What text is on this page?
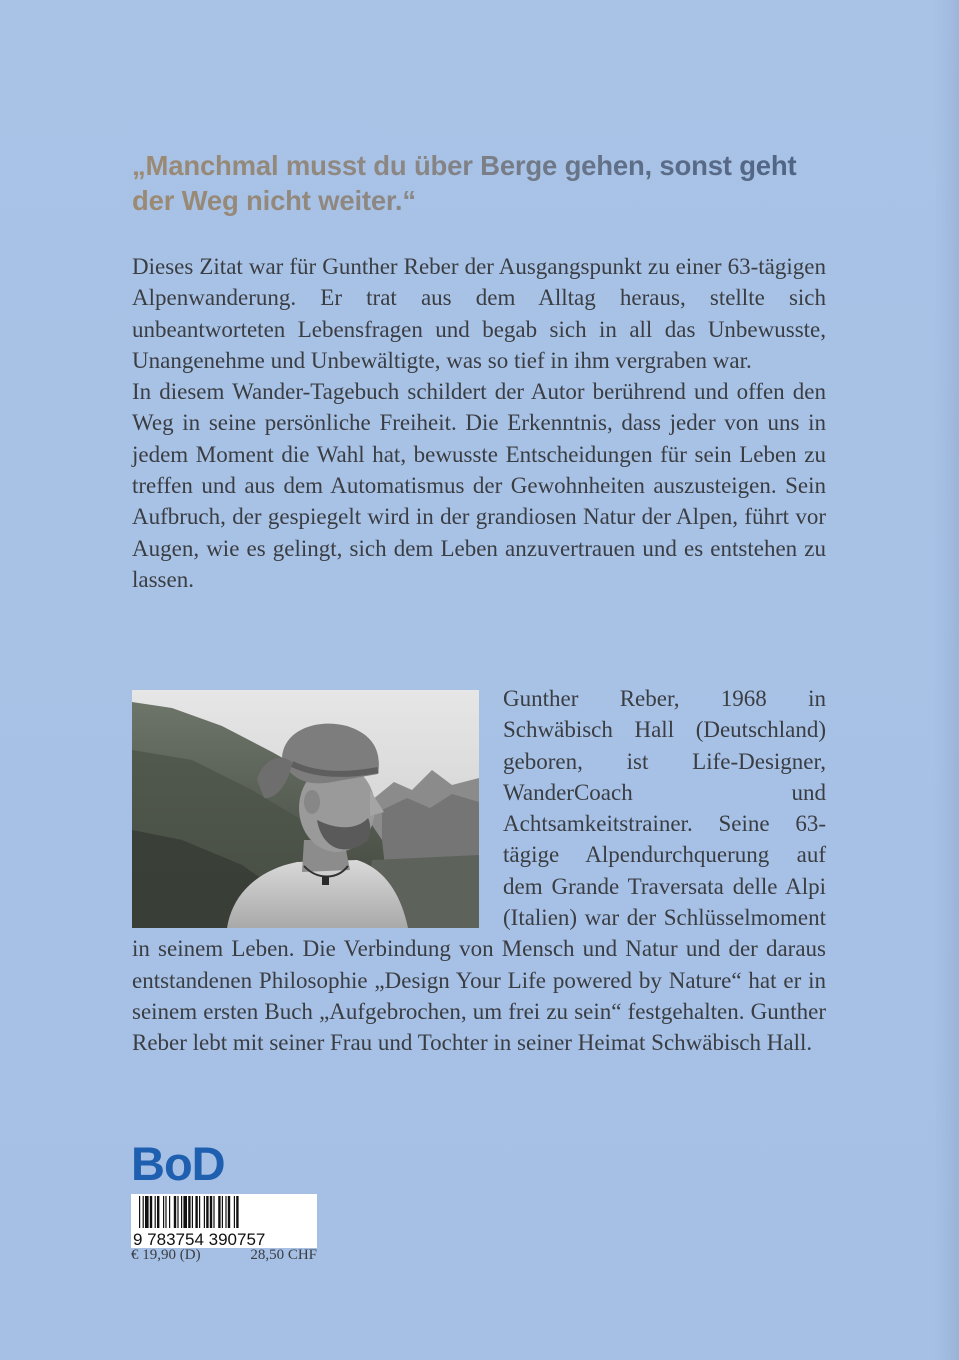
„Manchmal musst du über Berge gehen, sonst geht der Weg nicht weiter.“

Dieses Zitat war für Gunther Reber der Ausgangspunkt zu einer 63-tägigen Alpenwanderung. Er trat aus dem Alltag heraus, stellte sich unbeantworteten Lebensfragen und begab sich in all das Unbewusste, Unangenehme und Unbewältigte, was so tief in ihm vergraben war.

In diesem Wander-Tagebuch schildert der Autor berührend und offen den Weg in seine persönliche Freiheit. Die Erkenntnis, dass jeder von uns in jedem Moment die Wahl hat, bewusste Entscheidungen für sein Leben zu treffen und aus dem Automatismus der Gewohnheiten auszusteigen. Sein Aufbruch, der gespiegelt wird in der grandiosen Natur der Alpen, führt vor Augen, wie es gelingt, sich dem Leben anzuvertrauen und es entstehen zu lassen.

Gunther Reber, 1968 in Schwäbisch Hall (Deutschland) geboren, ist Life-Designer, WanderCoach und Achtsamkeitstrainer. Seine 63-tägige Alpendurchquerung auf dem Grande Traversata delle Alpi (Italien) war der Schlüsselmoment in seinem Leben. Die Verbindung von Mensch und Natur und der daraus entstandenen Philosophie „Design Your Life powered by Nature“ hat er in seinem ersten Buch „Aufgebrochen, um frei zu sein“ festgehalten. Gunther Reber lebt mit seiner Frau und Tochter in seiner Heimat Schwäbisch Hall.
BoD
9 783754 390757
€ 19,90 (D)	28,50 CHF
